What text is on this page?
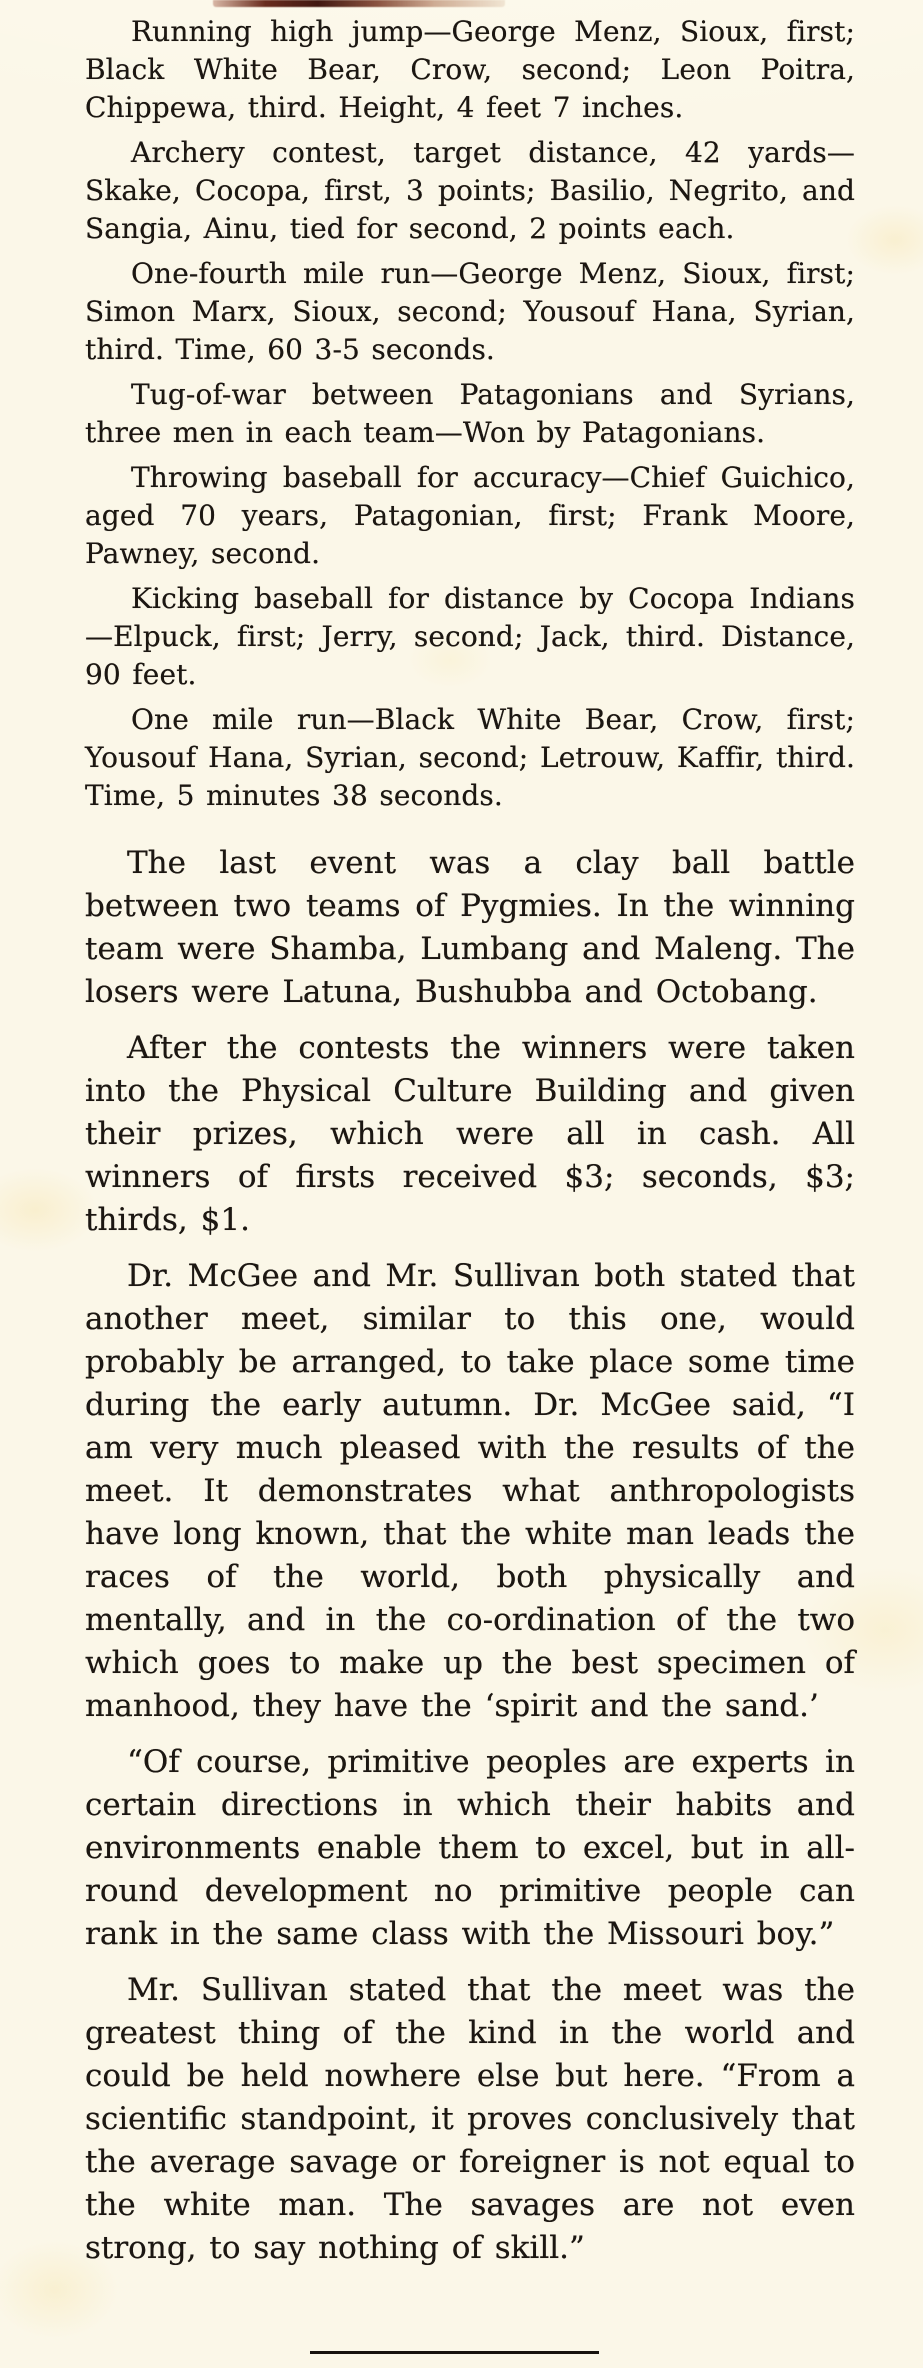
Running high jump—George Menz, Sioux, first; Black White Bear, Crow, second; Leon Poitra, Chippewa, third. Height, 4 feet 7 inches.

Archery contest, target distance, 42 yards—Skake, Cocopa, first, 3 points; Basilio, Negrito, and Sangia, Ainu, tied for second, 2 points each.

One-fourth mile run—George Menz, Sioux, first; Simon Marx, Sioux, second; Yousouf Hana, Syrian, third. Time, 60 3-5 seconds.

Tug-of-war between Patagonians and Syrians, three men in each team—Won by Patagonians.

Throwing baseball for accuracy—Chief Guichico, aged 70 years, Patagonian, first; Frank Moore, Pawney, second.

Kicking baseball for distance by Cocopa Indians—Elpuck, first; Jerry, second; Jack, third. Distance, 90 feet.

One mile run—Black White Bear, Crow, first; Yousouf Hana, Syrian, second; Letrouw, Kaffir, third. Time, 5 minutes 38 seconds.

The last event was a clay ball battle between two teams of Pygmies. In the winning team were Shamba, Lumbang and Maleng. The losers were Latuna, Bushubba and Octobang.

After the contests the winners were taken into the Physical Culture Building and given their prizes, which were all in cash. All winners of firsts received $3; seconds, $3; thirds, $1.

Dr. McGee and Mr. Sullivan both stated that another meet, similar to this one, would probably be arranged, to take place some time during the early autumn. Dr. McGee said, “I am very much pleased with the results of the meet. It demonstrates what anthropologists have long known, that the white man leads the races of the world, both physically and mentally, and in the co-ordination of the two which goes to make up the best specimen of manhood, they have the ‘spirit and the sand.’

“Of course, primitive peoples are experts in certain directions in which their habits and environments enable them to excel, but in all-round development no primitive people can rank in the same class with the Missouri boy.”

Mr. Sullivan stated that the meet was the greatest thing of the kind in the world and could be held nowhere else but here. “From a scientific standpoint, it proves conclusively that the average savage or foreigner is not equal to the white man. The savages are not even strong, to say nothing of skill.”
